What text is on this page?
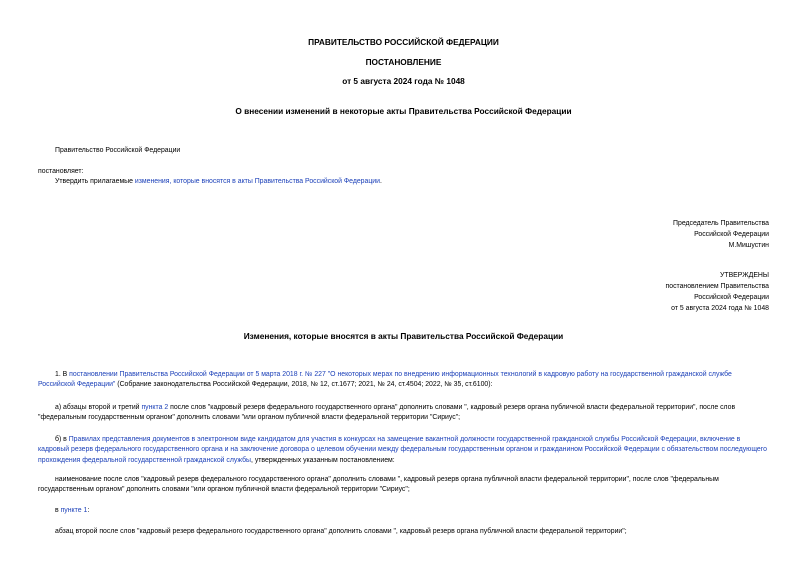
ПРАВИТЕЛЬСТВО РОССИЙСКОЙ ФЕДЕРАЦИИ
ПОСТАНОВЛЕНИЕ
от 5 августа 2024 года № 1048
О внесении изменений в некоторые акты Правительства Российской Федерации
Правительство Российской Федерации
постановляет:
Утвердить прилагаемые изменения, которые вносятся в акты Правительства Российской Федерации.
Председатель Правительства
Российской Федерации
М.Мишустин
УТВЕРЖДЕНЫ
постановлением Правительства
Российской Федерации
от 5 августа 2024 года № 1048
Изменения, которые вносятся в акты Правительства Российской Федерации
1. В постановлении Правительства Российской Федерации от 5 марта 2018 г. № 227 "О некоторых мерах по внедрению информационных технологий в кадровую работу на государственной гражданской службе Российской Федерации" (Собрание законодательства Российской Федерации, 2018, № 12, ст.1677; 2021, № 24, ст.4504; 2022, № 35, ст.6100):
а) абзацы второй и третий пункта 2 после слов "кадровый резерв федерального государственного органа" дополнить словами ", кадровый резерв органа публичной власти федеральной территории", после слов "федеральным государственным органом" дополнить словами "или органом публичной власти федеральной территории "Сириус";
б) в Правилах представления документов в электронном виде кандидатом для участия в конкурсах на замещение вакантной должности государственной гражданской службы Российской Федерации, включение в кадровый резерв федерального государственного органа и на заключение договора о целевом обучении между федеральным государственным органом и гражданином Российской Федерации с обязательством последующего прохождения федеральной государственной гражданской службы, утвержденных указанным постановлением:
наименование после слов "кадровый резерв федерального государственного органа" дополнить словами ", кадровый резерв органа публичной власти федеральной территории", после слов "федеральным государственным органом" дополнить словами "или органом публичной власти федеральной территории "Сириус";
в пункте 1:
абзац второй после слов "кадровый резерв федерального государственного органа" дополнить словами ", кадровый резерв органа публичной власти федеральной территории";
